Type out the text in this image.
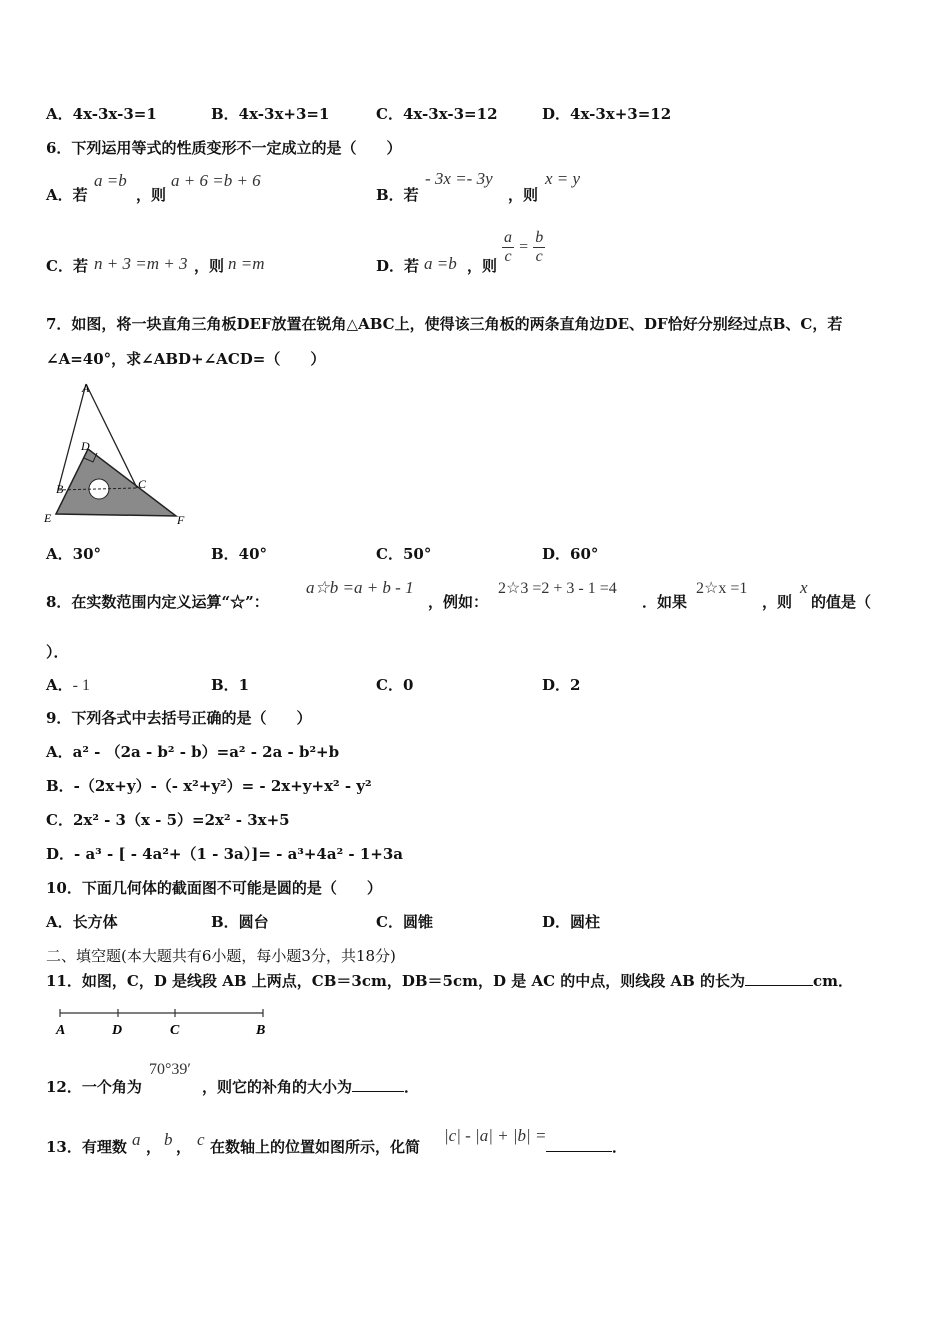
A．4x-3x-3=1	B．4x-3x+3=1	C．4x-3x-3=12	D．4x-3x+3=12
6．下列运用等式的性质变形不一定成立的是（　　）
A．若
a =b
，则
a + 6 =b + 6
B．若
- 3x =- 3y
，则
x = y
C．若 n + 3 =m + 3 ，则 n =m	D．若 a =b ，则 $\frac{a}{c} = \frac{b}{c}$
7．如图，将一块直角三角板DEF放置在锐角△ABC上，使得该三角板的两条直角边DE、DF恰好分别经过点B、C，若
∠A=40°，求∠ABD+∠ACD=（　　）
A
D
B	C
E	F
A．30°	B．40°	C．50°	D．60°
8．在实数范围内定义运算“☆”：
a☆b =a + b - 1
，例如：
2☆3 =2 + 3 - 1 =4
．如果
2☆x =1
，则
x
的值是（
）．
A．- 1	B．1	C．0	D．2
9．下列各式中去括号正确的是（　　）
A．a² - （2a - b² - b）=a² - 2a - b²+b
B．-（2x+y）-（- x²+y²）= - 2x+y+x² - y²
C．2x² - 3（x - 5）=2x² - 3x+5
D．- a³ - [ - 4a²+（1 - 3a）]= - a³+4a² - 1+3a
10．下面几何体的截面图不可能是圆的是（　　）
A．长方体	B．圆台	C．圆锥	D．圆柱
二、填空题(本大题共有6小题，每小题3分，共18分)
11．如图，C，D 是线段 AB 上两点，CB＝3cm，DB＝5cm，D 是 AC 的中点，则线段 AB 的长为	cm．
A	D	C	B
12．一个角为
70°39′
，则它的补角的大小为	．
13．有理数 a ， b ， c 在数轴上的位置如图所示，化简
|c| - |a| + |b| =
．
